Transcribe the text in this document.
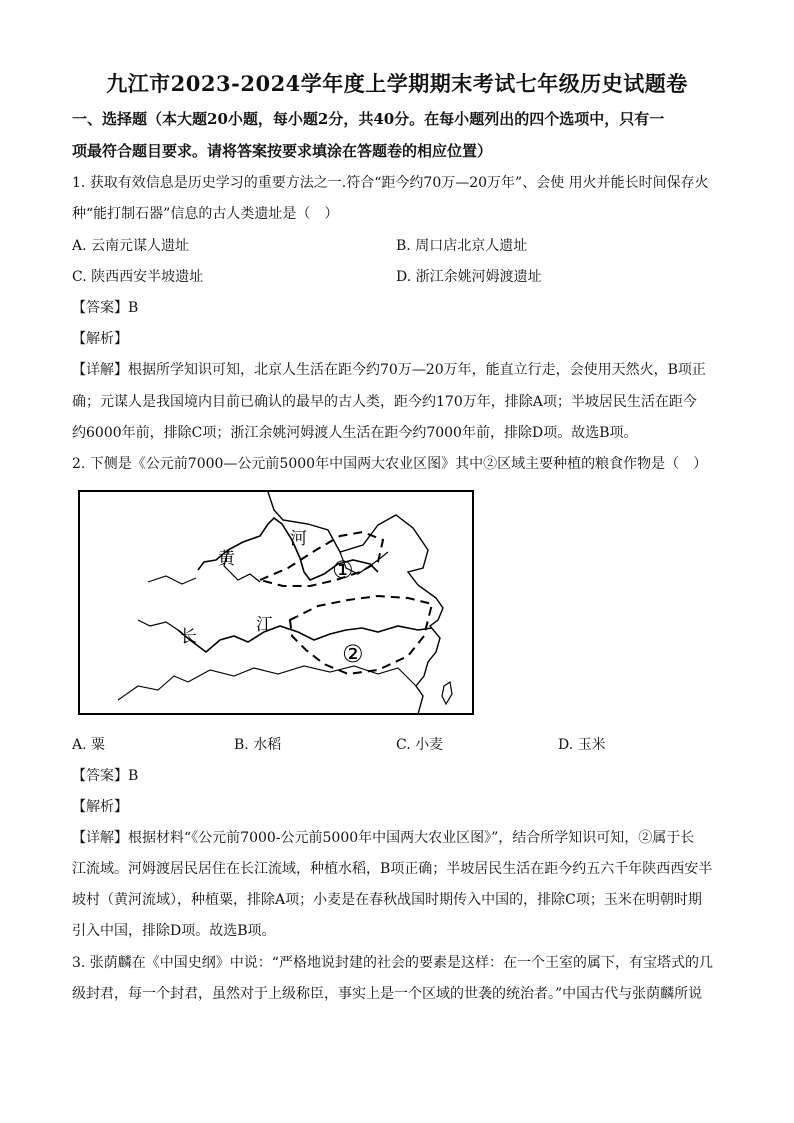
九江市2023-2024学年度上学期期末考试七年级历史试题卷
一、选择题（本大题20小题，每小题2分，共40分。在每小题列出的四个选项中，只有一
项最符合题目要求。请将答案按要求填涂在答题卷的相应位置）
1. 获取有效信息是历史学习的重要方法之一.符合“距今约70万—20万年”、会使 用火并能长时间保存火
种“能打制石器”信息的古人类遗址是（　）
A. 云南元谋人遗址	B. 周口店北京人遗址
C. 陕西西安半坡遗址	D. 浙江余姚河姆渡遗址
【答案】B
【解析】
【详解】根据所学知识可知，北京人生活在距今约70万—20万年，能直立行走，会使用天然火，B项正
确；元谋人是我国境内目前已确认的最早的古人类，距今约170万年，排除A项；半坡居民生活在距今
约6000年前，排除C项；浙江余姚河姆渡人生活在距今约7000年前，排除D项。故选B项。
2. 下侧是《公元前7000—公元前5000年中国两大农业区图》其中②区域主要种植的粮食作物是（　）
黄
河
长
江
①
②
A. 粟	B. 水稻	C. 小麦	D. 玉米
【答案】B
【解析】
【详解】根据材料“《公元前7000-公元前5000年中国两大农业区图》”，结合所学知识可知，②属于长
江流域。河姆渡居民居住在长江流域，种植水稻，B项正确；半坡居民生活在距今约五六千年陕西西安半
坡村（黄河流域），种植粟，排除A项；小麦是在春秋战国时期传入中国的，排除C项；玉米在明朝时期
引入中国，排除D项。故选B项。
3. 张荫麟在《中国史纲》中说：“严格地说封建的社会的要素是这样：在一个王室的属下，有宝塔式的几
级封君，每一个封君，虽然对于上级称臣，事实上是一个区域的世袭的统治者。”中国古代与张荫麟所说
